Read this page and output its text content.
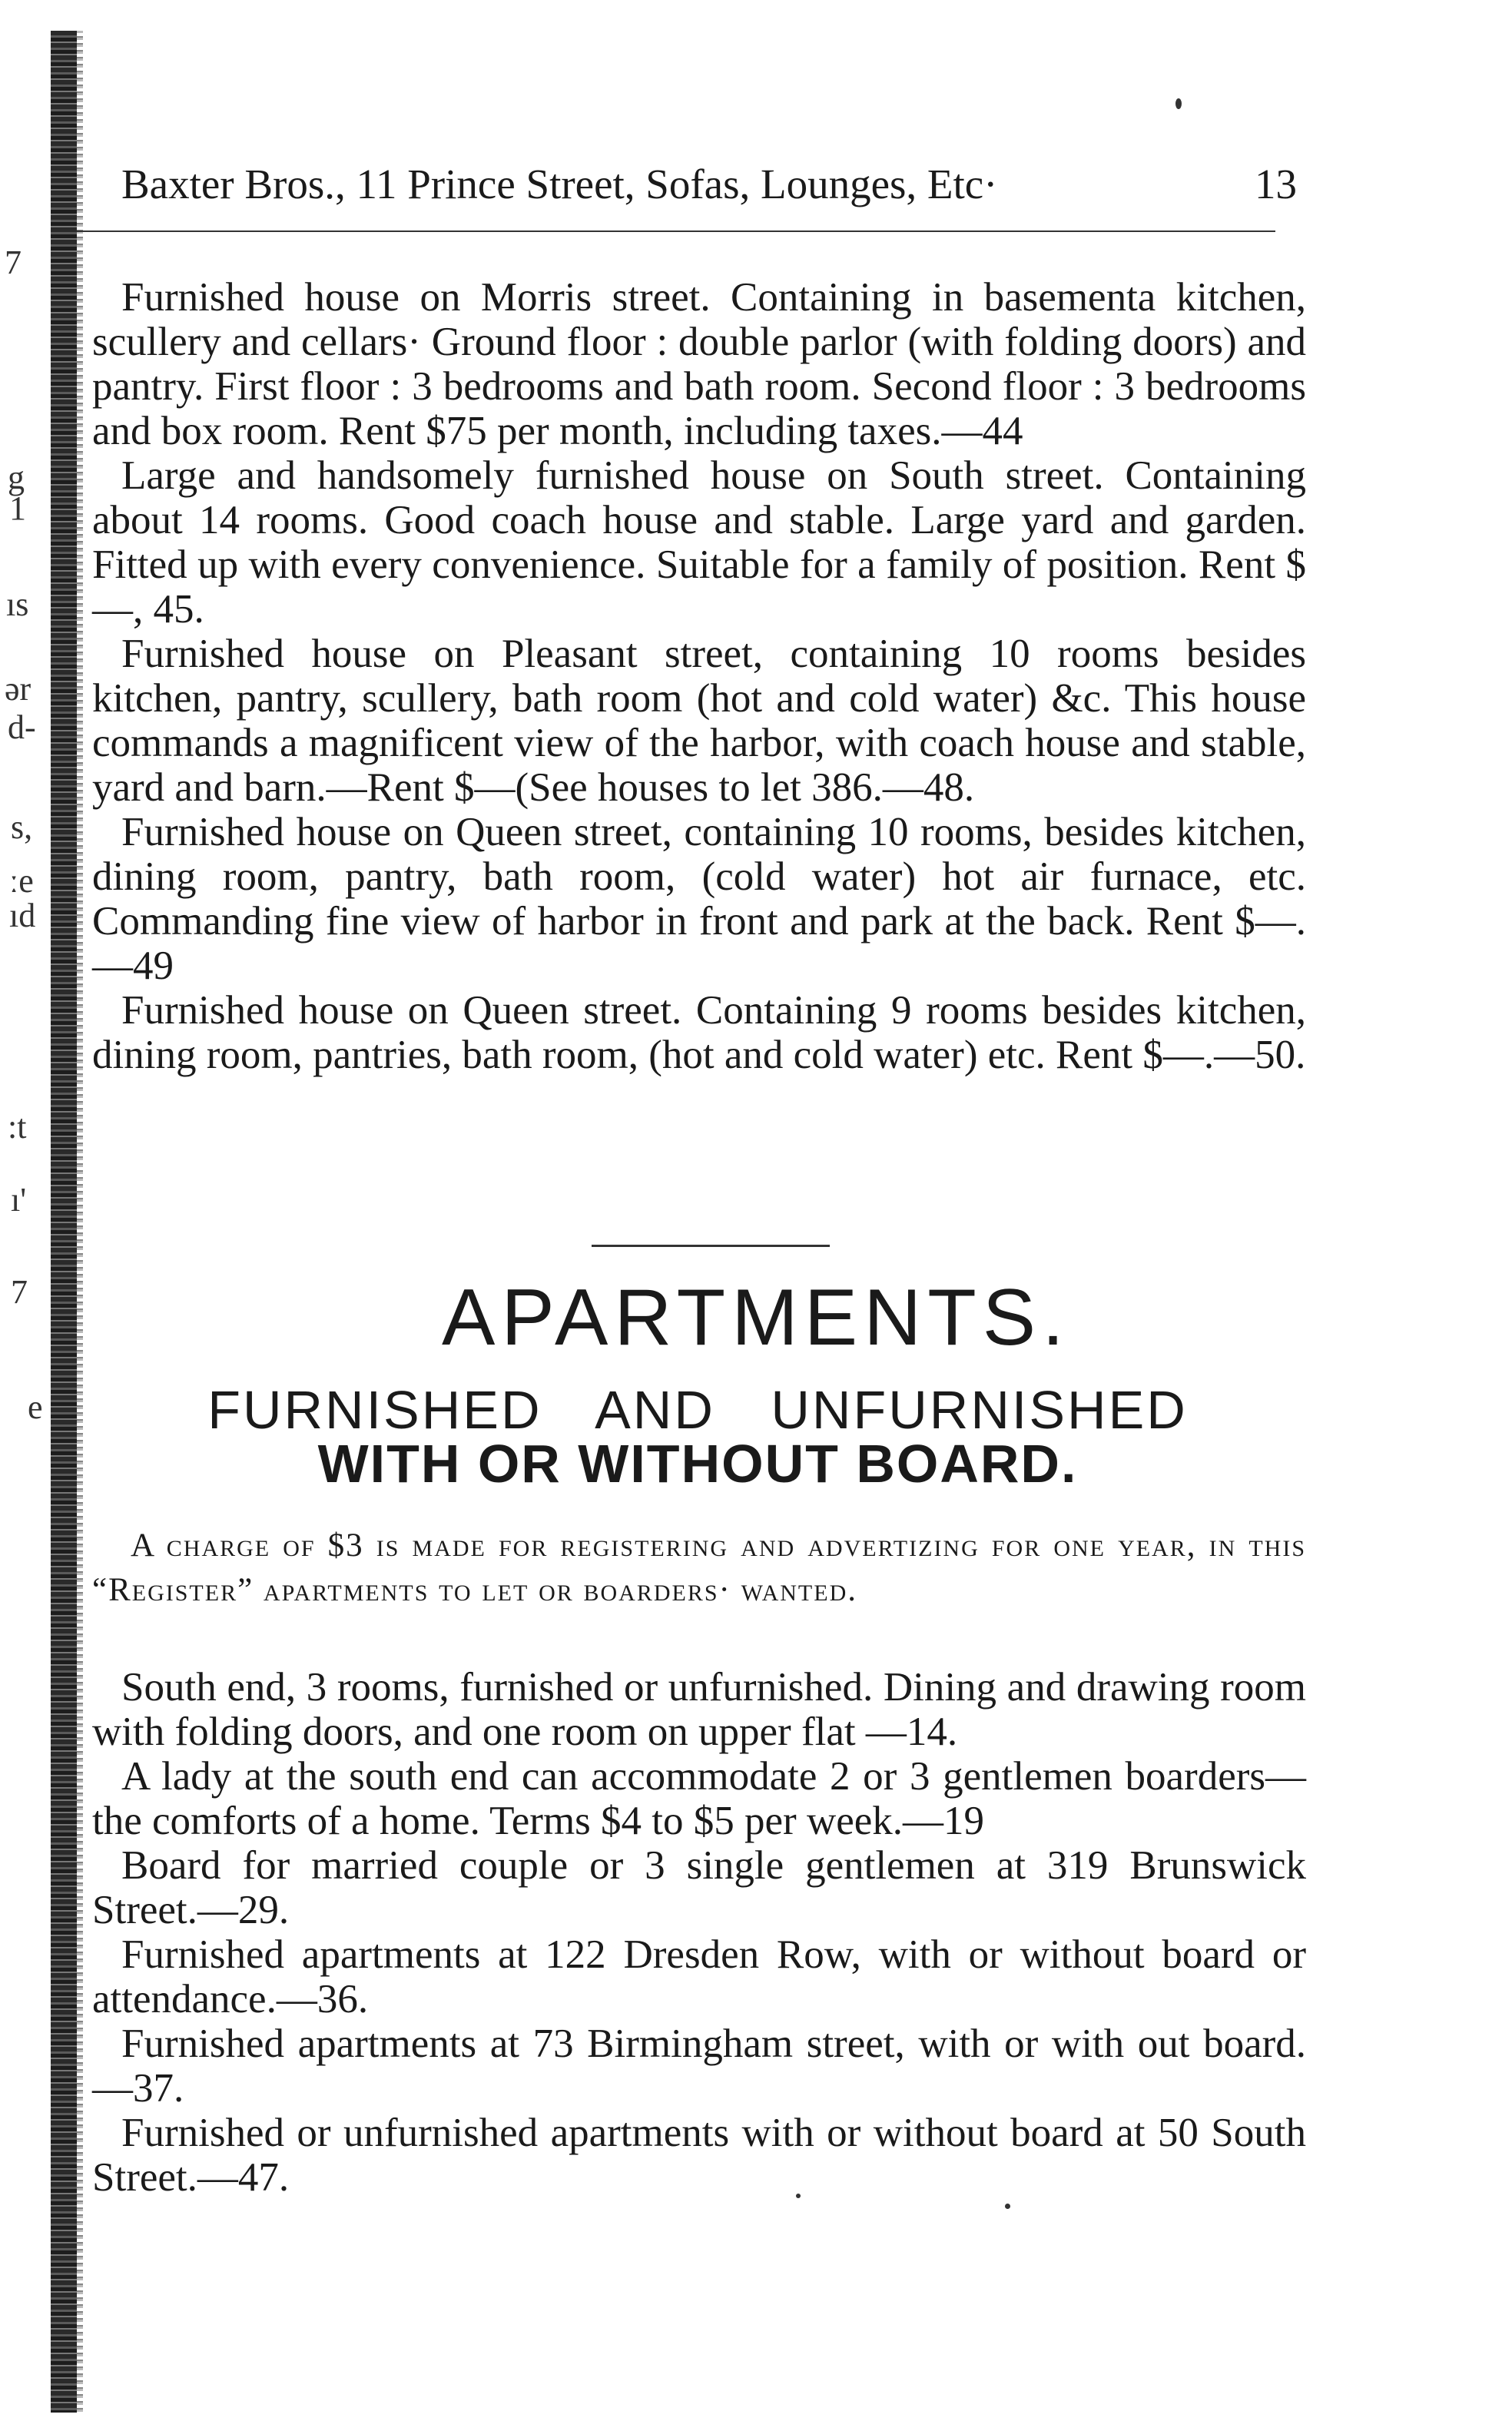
7
g
1
ıs
ər
d-
s,
ːe
ıd
:t
ı'
7
e
Baxter Bros., 11 Prince Street, Sofas, Lounges, Etc·	13

Furnished house on Morris street. Containing in basementa kitchen, scullery and cellars· Ground floor : double parlor (with folding doors) and pantry. First floor : 3 bedrooms and bath room. Second floor : 3 bedrooms and box room. Rent $75 per month, including taxes.—44

Large and handsomely furnished house on South street. Containing about 14 rooms. Good coach house and stable. Large yard and garden. Fitted up with every convenience. Suitable for a family of position. Rent $—, 45.

Furnished house on Pleasant street, containing 10 rooms besides kitchen, pantry, scullery, bath room (hot and cold water) &c. This house commands a magnificent view of the harbor, with coach house and stable, yard and barn.—Rent $—(See houses to let 386.—48.

Furnished house on Queen street, containing 10 rooms, besides kitchen, dining room, pantry, bath room, (cold water) hot air furnace, etc. Commanding fine view of harbor in front and park at the back. Rent $—.—49

Furnished house on Queen street. Containing 9 rooms besides kitchen, dining room, pantries, bath room, (hot and cold water) etc. Rent $—.—50.

APARTMENTS.
FURNISHED AND UNFURNISHED
WITH OR WITHOUT BOARD.

A charge of $3 is made for registering and advertizing for one year, in this “Register” apartments to let or boarders· wanted.

South end, 3 rooms, furnished or unfurnished. Dining and drawing room with folding doors, and one room on upper flat —14.

A lady at the south end can accommodate 2 or 3 gentlemen boarders—the comforts of a home. Terms $4 to $5 per week.—19

Board for married couple or 3 single gentlemen at 319 Brunswick Street.—29.

Furnished apartments at 122 Dresden Row, with or without board or attendance.—36.

Furnished apartments at 73 Birmingham street, with or with out board.—37.

Furnished or unfurnished apartments with or without board at 50 South Street.—47.
